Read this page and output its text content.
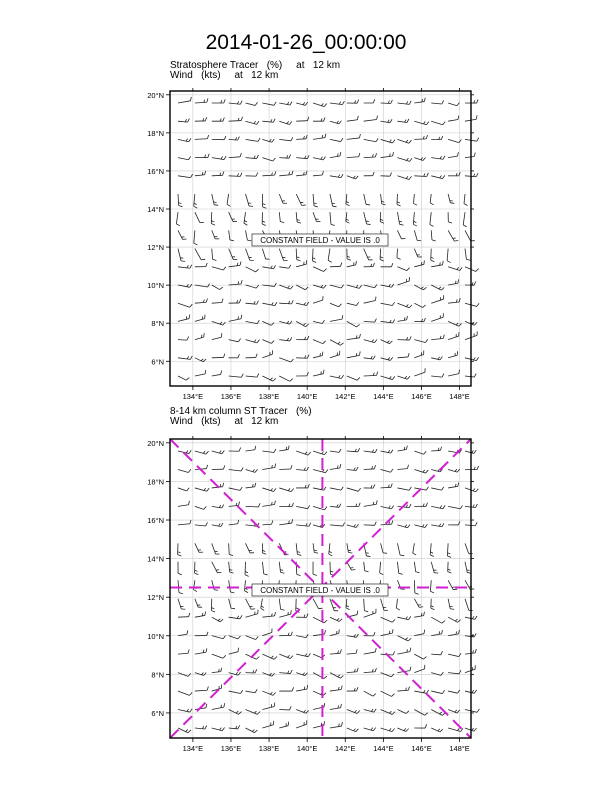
2014-01-26_00:00:00
Stratosphere Tracer   (%)     at   12 km
Wind   (kts)     at   12 km
8-14 km column ST Tracer   (%)
Wind   (kts)     at   12 km
CONSTANT FIELD - VALUE IS .0
134°E 136°E 138°E 140°E 142°E 144°E 146°E 148°E
6°N
8°N
10°N
12°N
14°N
16°N
18°N
20°N
CONSTANT FIELD - VALUE IS .0
134°E 136°E 138°E 140°E 142°E 144°E 146°E 148°E
6°N
8°N
10°N
12°N
14°N
16°N
18°N
20°N
